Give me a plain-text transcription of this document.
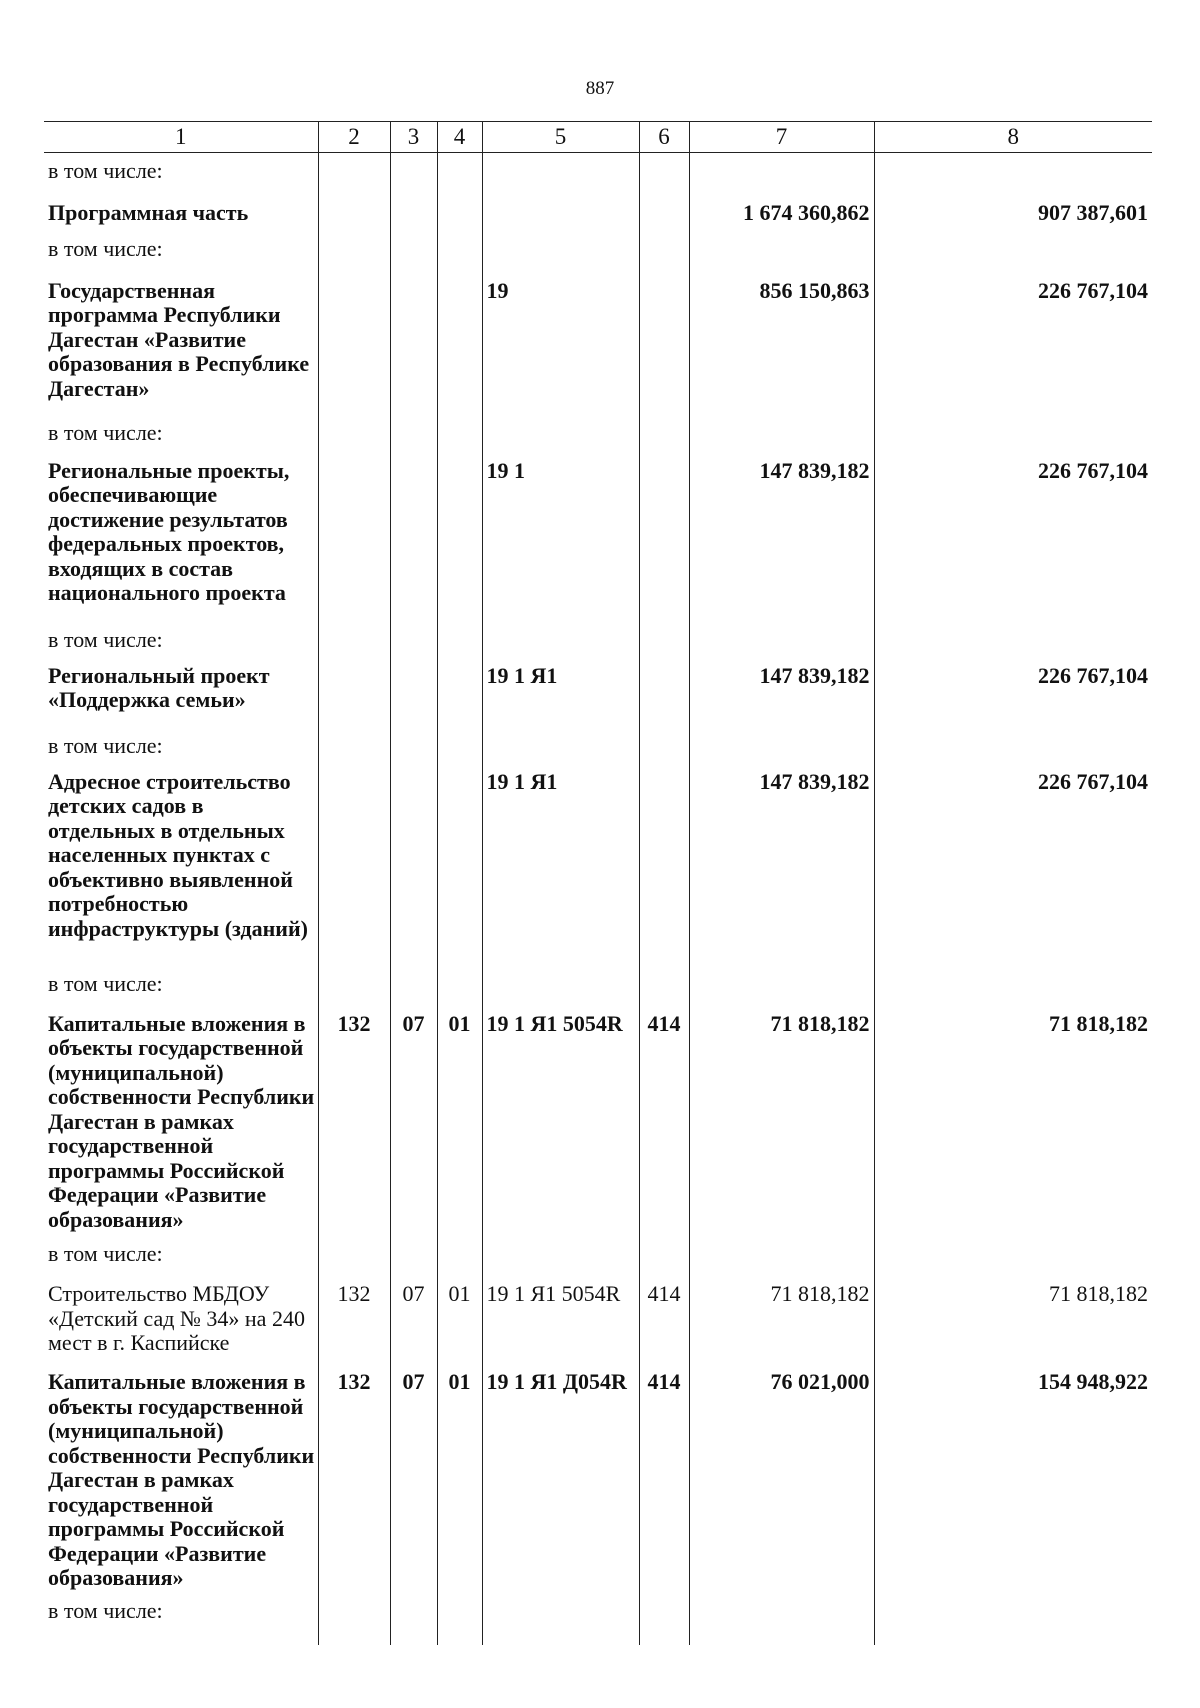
887
1	2	3	4	5	6	7	8
в том числе:							
Программная часть						1 674 360,862	907 387,601
в том числе:							
Государственная программа Республики Дагестан «Развитие образования в Республике Дагестан»				19		856 150,863	226 767,104
в том числе:							
Региональные проекты, обеспечивающие достижение результатов федеральных проектов, входящих в состав национального проекта				19 1		147 839,182	226 767,104
в том числе:							
Региональный проект «Поддержка семьи»				19 1 Я1		147 839,182	226 767,104
в том числе:							
Адресное строительство детских садов в отдельных в отдельных населенных пунктах с объективно выявленной потребностью инфраструктуры (зданий)				19 1 Я1		147 839,182	226 767,104
в том числе:							
Капитальные вложения в объекты государственной (муниципальной) собственности Республики Дагестан в рамках государственной программы Российской Федерации «Развитие образования»	132	07	01	19 1 Я1 5054R	414	71 818,182	71 818,182
в том числе:							
Строительство МБДОУ «Детский сад № 34» на 240 мест в г. Каспийске	132	07	01	19 1 Я1 5054R	414	71 818,182	71 818,182
Капитальные вложения в объекты государственной (муниципальной) собственности Республики Дагестан в рамках государственной программы Российской Федерации «Развитие образования»	132	07	01	19 1 Я1 Д054R	414	76 021,000	154 948,922
в том числе:							
